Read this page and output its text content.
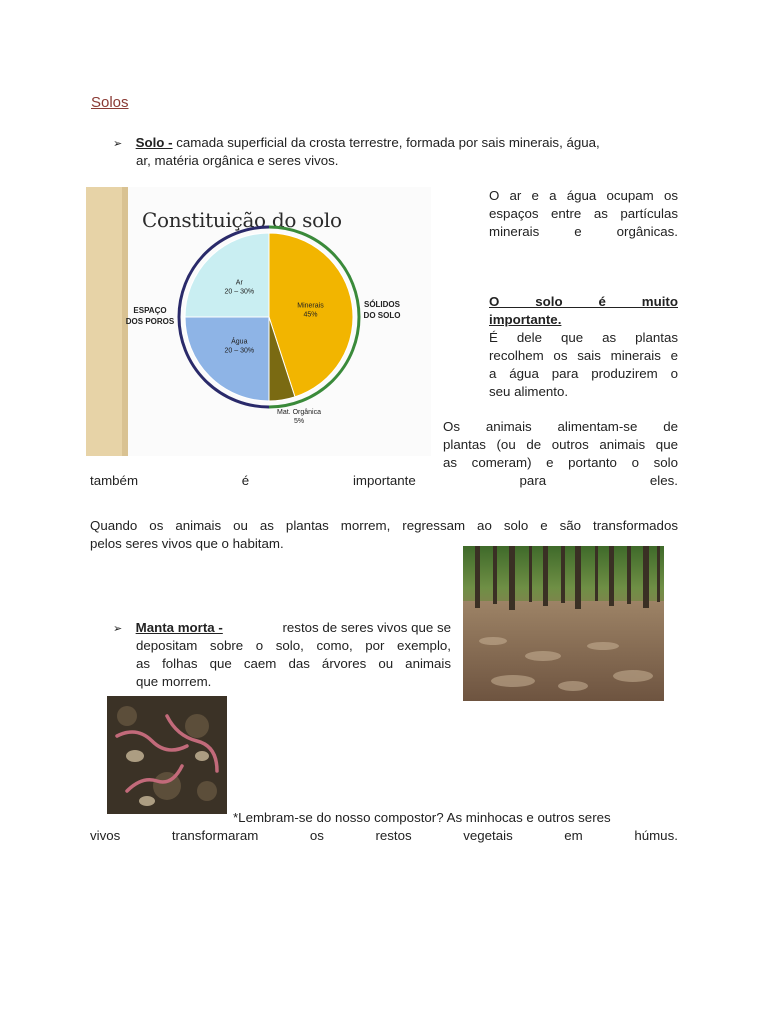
Solos
➢ Solo - camada superficial da crosta terrestre, formada por sais minerais, água,
ar, matéria orgânica e seres vivos.
Constituição do solo
Minerais
45%
Mat. Orgânica
5%
Água
20 – 30%
Ar
20 – 30%
ESPAÇO
DOS POROS
SÓLIDOS
DO SOLO
O ar e a água ocupam os
espaços entre as partículas
minerais e orgânicas.
O solo é muito
importante.
É dele que as plantas
recolhem os sais minerais e
a água para produzirem o
seu alimento.
Os animais alimentam-se de
plantas (ou de outros animais que
as comeram) e portanto o solo
também	é	importante	para	eles.
Quando os animais ou as plantas morrem, regressam ao solo e são transformados
pelos seres vivos que o habitam.
➢ Manta morta -	restos de seres vivos que se
depositam sobre o solo, como, por exemplo,
as folhas que caem das árvores ou animais
que morrem.
*Lembram-se do nosso compostor? As minhocas e outros seres
vivos	transformaram	os	restos	vegetais	em	húmus.
